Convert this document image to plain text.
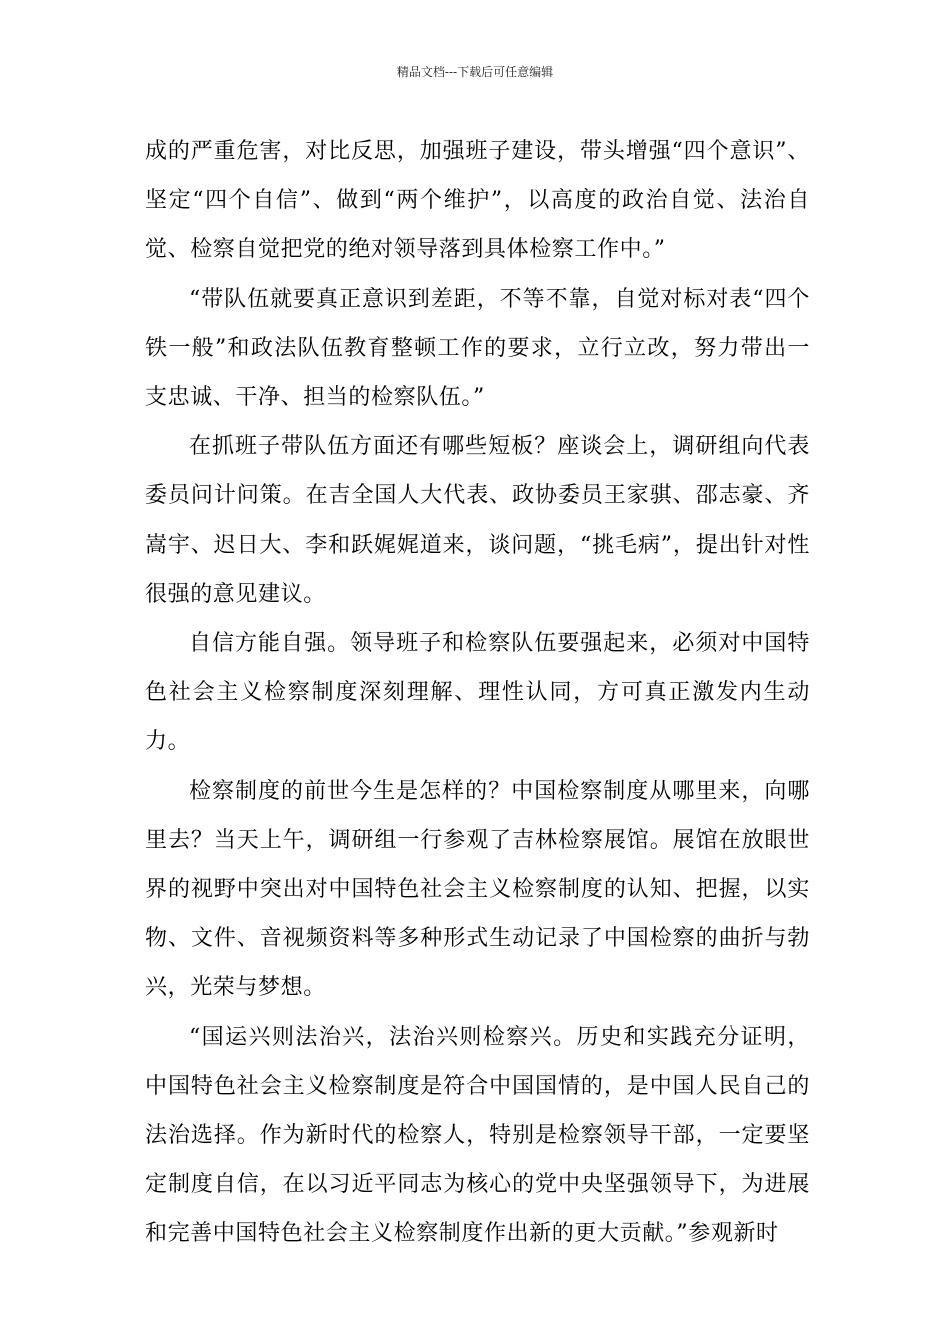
精品文档---下载后可任意编辑

成的严重危害，对比反思，加强班子建设，带头增强“四个意识”、坚定“四个自信”、做到“两个维护”，以高度的政治自觉、法治自觉、检察自觉把党的绝对领导落到具体检察工作中。”

“带队伍就要真正意识到差距，不等不靠，自觉对标对表“四个铁一般”和政法队伍教育整顿工作的要求，立行立改，努力带出一支忠诚、干净、担当的检察队伍。”

在抓班子带队伍方面还有哪些短板？座谈会上，调研组向代表委员问计问策。在吉全国人大代表、政协委员王家骐、邵志豪、齐嵩宇、迟日大、李和跃娓娓道来，谈问题，“挑毛病”，提出针对性很强的意见建议。

自信方能自强。领导班子和检察队伍要强起来，必须对中国特色社会主义检察制度深刻理解、理性认同，方可真正激发内生动力。

检察制度的前世今生是怎样的？中国检察制度从哪里来，向哪里去？当天上午，调研组一行参观了吉林检察展馆。展馆在放眼世界的视野中突出对中国特色社会主义检察制度的认知、把握，以实物、文件、音视频资料等多种形式生动记录了中国检察的曲折与勃兴，光荣与梦想。

“国运兴则法治兴，法治兴则检察兴。历史和实践充分证明，中国特色社会主义检察制度是符合中国国情的，是中国人民自己的法治选择。作为新时代的检察人，特别是检察领导干部，一定要坚定制度自信，在以习近平同志为核心的党中央坚强领导下，为进展和完善中国特色社会主义检察制度作出新的更大贡献。”参观新时
